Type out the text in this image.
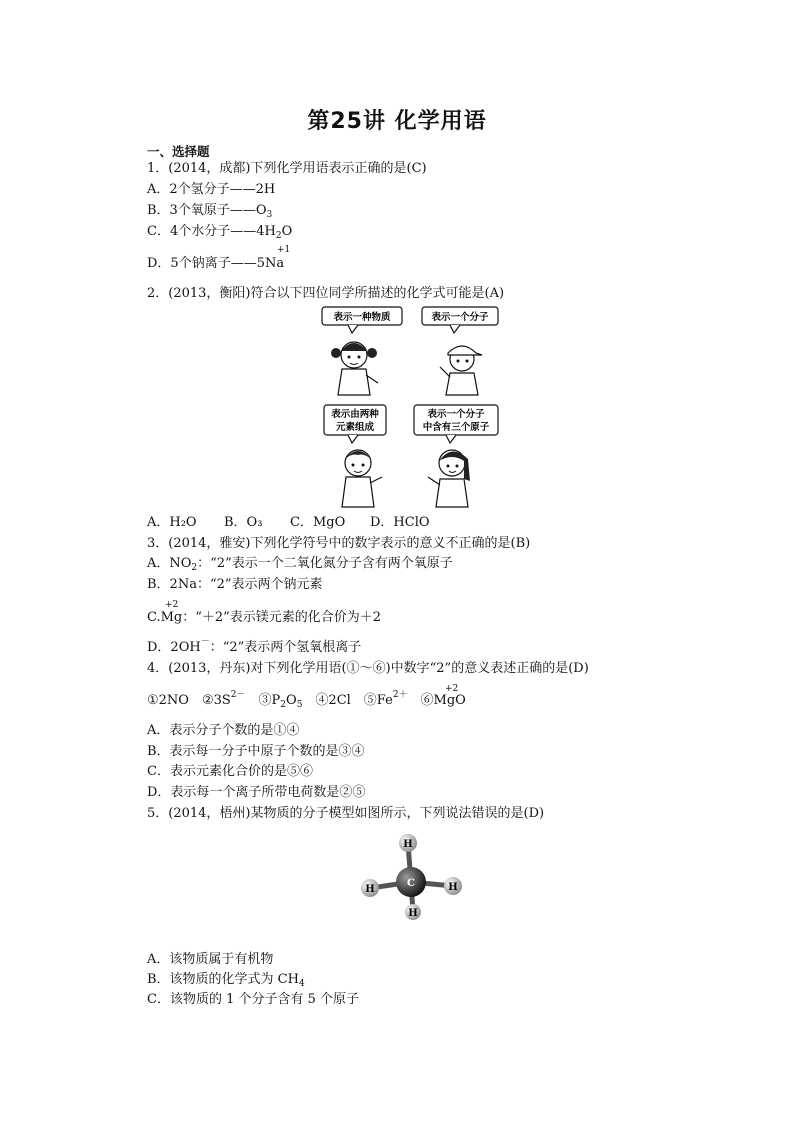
第25讲 化学用语
一、选择题
1．(2014，成都)下列化学用语表示正确的是(C)
A．2个氢分子——2H
B．3个氧原子$——O_3$
C．4个水分子$——4H_2O$
+1
D．5个钠离子——5Na
2．(2013，衡阳)符合以下四位同学所描述的化学式可能是(A)
表示一种物质	表示一个分子
表示由两种
元素组成
表示一个分子
中含有三个原子
A．H₂O B．O₃ C．MgO D．HClO
3．(2014，雅安)下列化学符号中的数字表示的意义不正确的是(B)
A．$NO_2$：“2”表示一个二氧化氮分子含有两个氧原子
B．2Na：“2”表示两个钠元素
+2
C.Mg：“＋2”表示镁元素的化合价为＋2
D．2OH－：“2”表示两个氢氧根离子
4．(2013，丹东)对下列化学用语(①～⑥)中数字“2”的意义表述正确的是(D)
+2
①2NO　$②3S^{2-}$　$③P_2O_5$　④2Cl　$⑤Fe^{2+}$　⑥MgO
A．表示分子个数的是①④
B．表示每一分子中原子个数的是③④
C．表示元素化合价的是⑤⑥
D．表示每一个离子所带电荷数是②⑤
5．(2014，梧州)某物质的分子模型如图所示，下列说法错误的是(D)
H
H
C	H
H
A．该物质属于有机物
B．该物质的化学式为 $CH_4$
C．该物质的 1 个分子含有 5 个原子
